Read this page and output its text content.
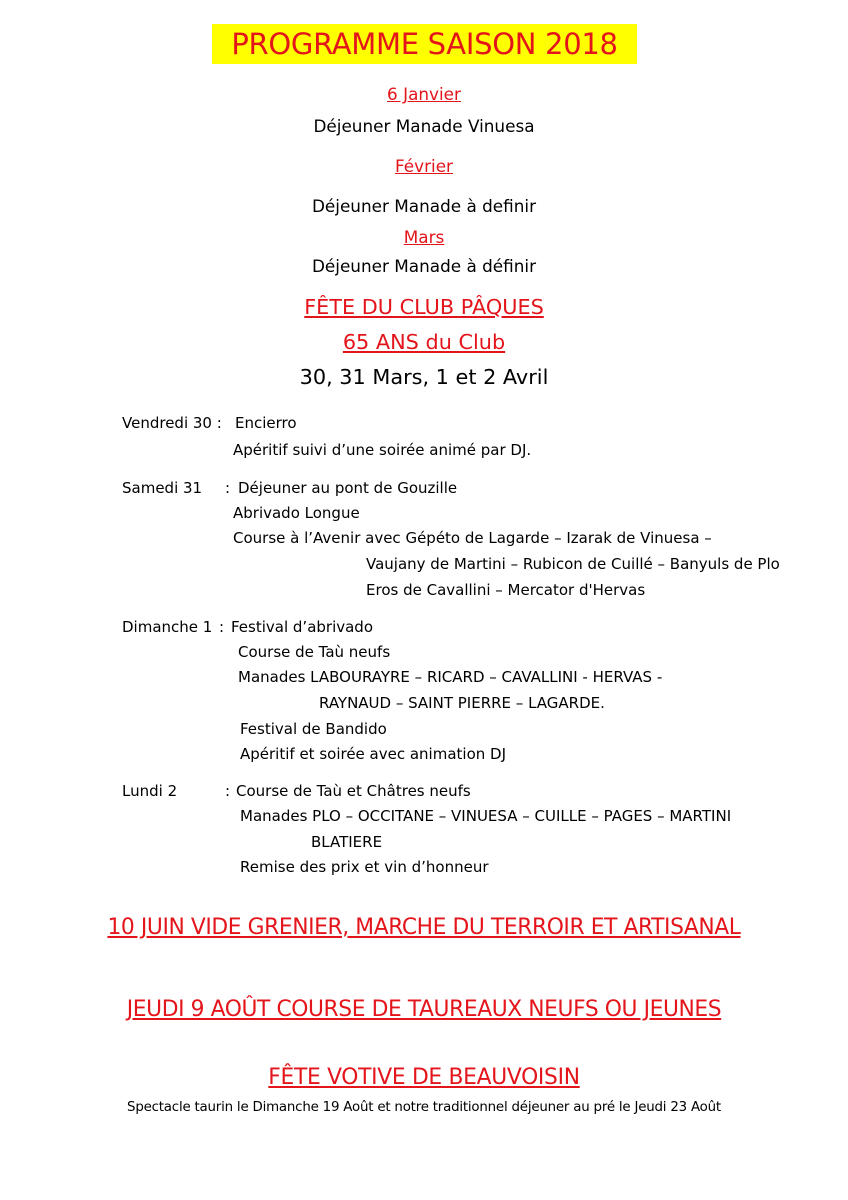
PROGRAMME SAISON 2018
6 Janvier
Déjeuner Manade Vinuesa
Février
Déjeuner Manade à definir
Mars
Déjeuner Manade à définir
FÊTE DU CLUB PÂQUES
65 ANS du Club
30, 31 Mars, 1 et 2 Avril
Vendredi 30 : Encierro
Apéritif suivi d’une soirée animé par DJ.
Samedi 31 : Déjeuner au pont de Gouzille
Abrivado Longue
Course à l’Avenir avec Gépéto de Lagarde – Izarak de Vinuesa –
Vaujany de Martini – Rubicon de Cuillé – Banyuls de Plo
Eros de Cavallini – Mercator d'Hervas
Dimanche 1 : Festival d’abrivado
Course de Taù neufs
Manades LABOURAYRE – RICARD – CAVALLINI - HERVAS -
RAYNAUD – SAINT PIERRE – LAGARDE.
Festival de Bandido
Apéritif et soirée avec animation DJ
Lundi 2	: Course de Taù et Châtres neufs
Manades PLO – OCCITANE – VINUESA – CUILLE – PAGES – MARTINI
BLATIERE
Remise des prix et vin d’honneur
10 JUIN VIDE GRENIER, MARCHE DU TERROIR ET ARTISANAL
JEUDI 9 AOÛT COURSE DE TAUREAUX NEUFS OU JEUNES
FÊTE VOTIVE DE BEAUVOISIN
Spectacle taurin le Dimanche 19 Août et notre traditionnel déjeuner au pré le Jeudi 23 Août
